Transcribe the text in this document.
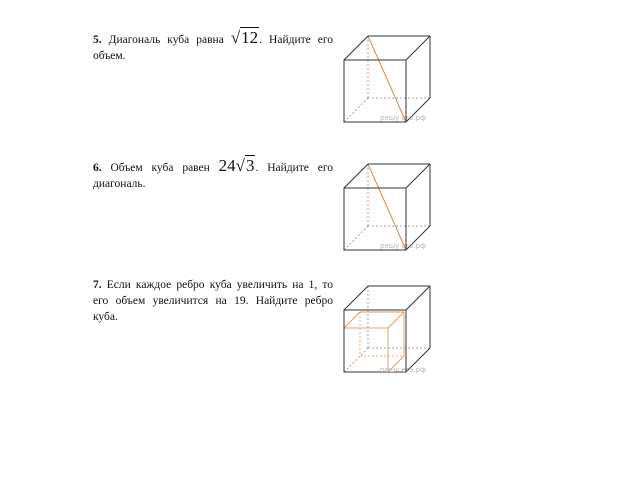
5. Диагональ куба равна √12. Найдите его объем.
решу егэ.рф
6. Объем куба равен 24√3. Найдите его диагональ.
решу егэ.рф
7. Если каждое ребро куба увеличить на 1, то его объем увеличится на 19. Найдите ребро куба.
решу егэ.рф
